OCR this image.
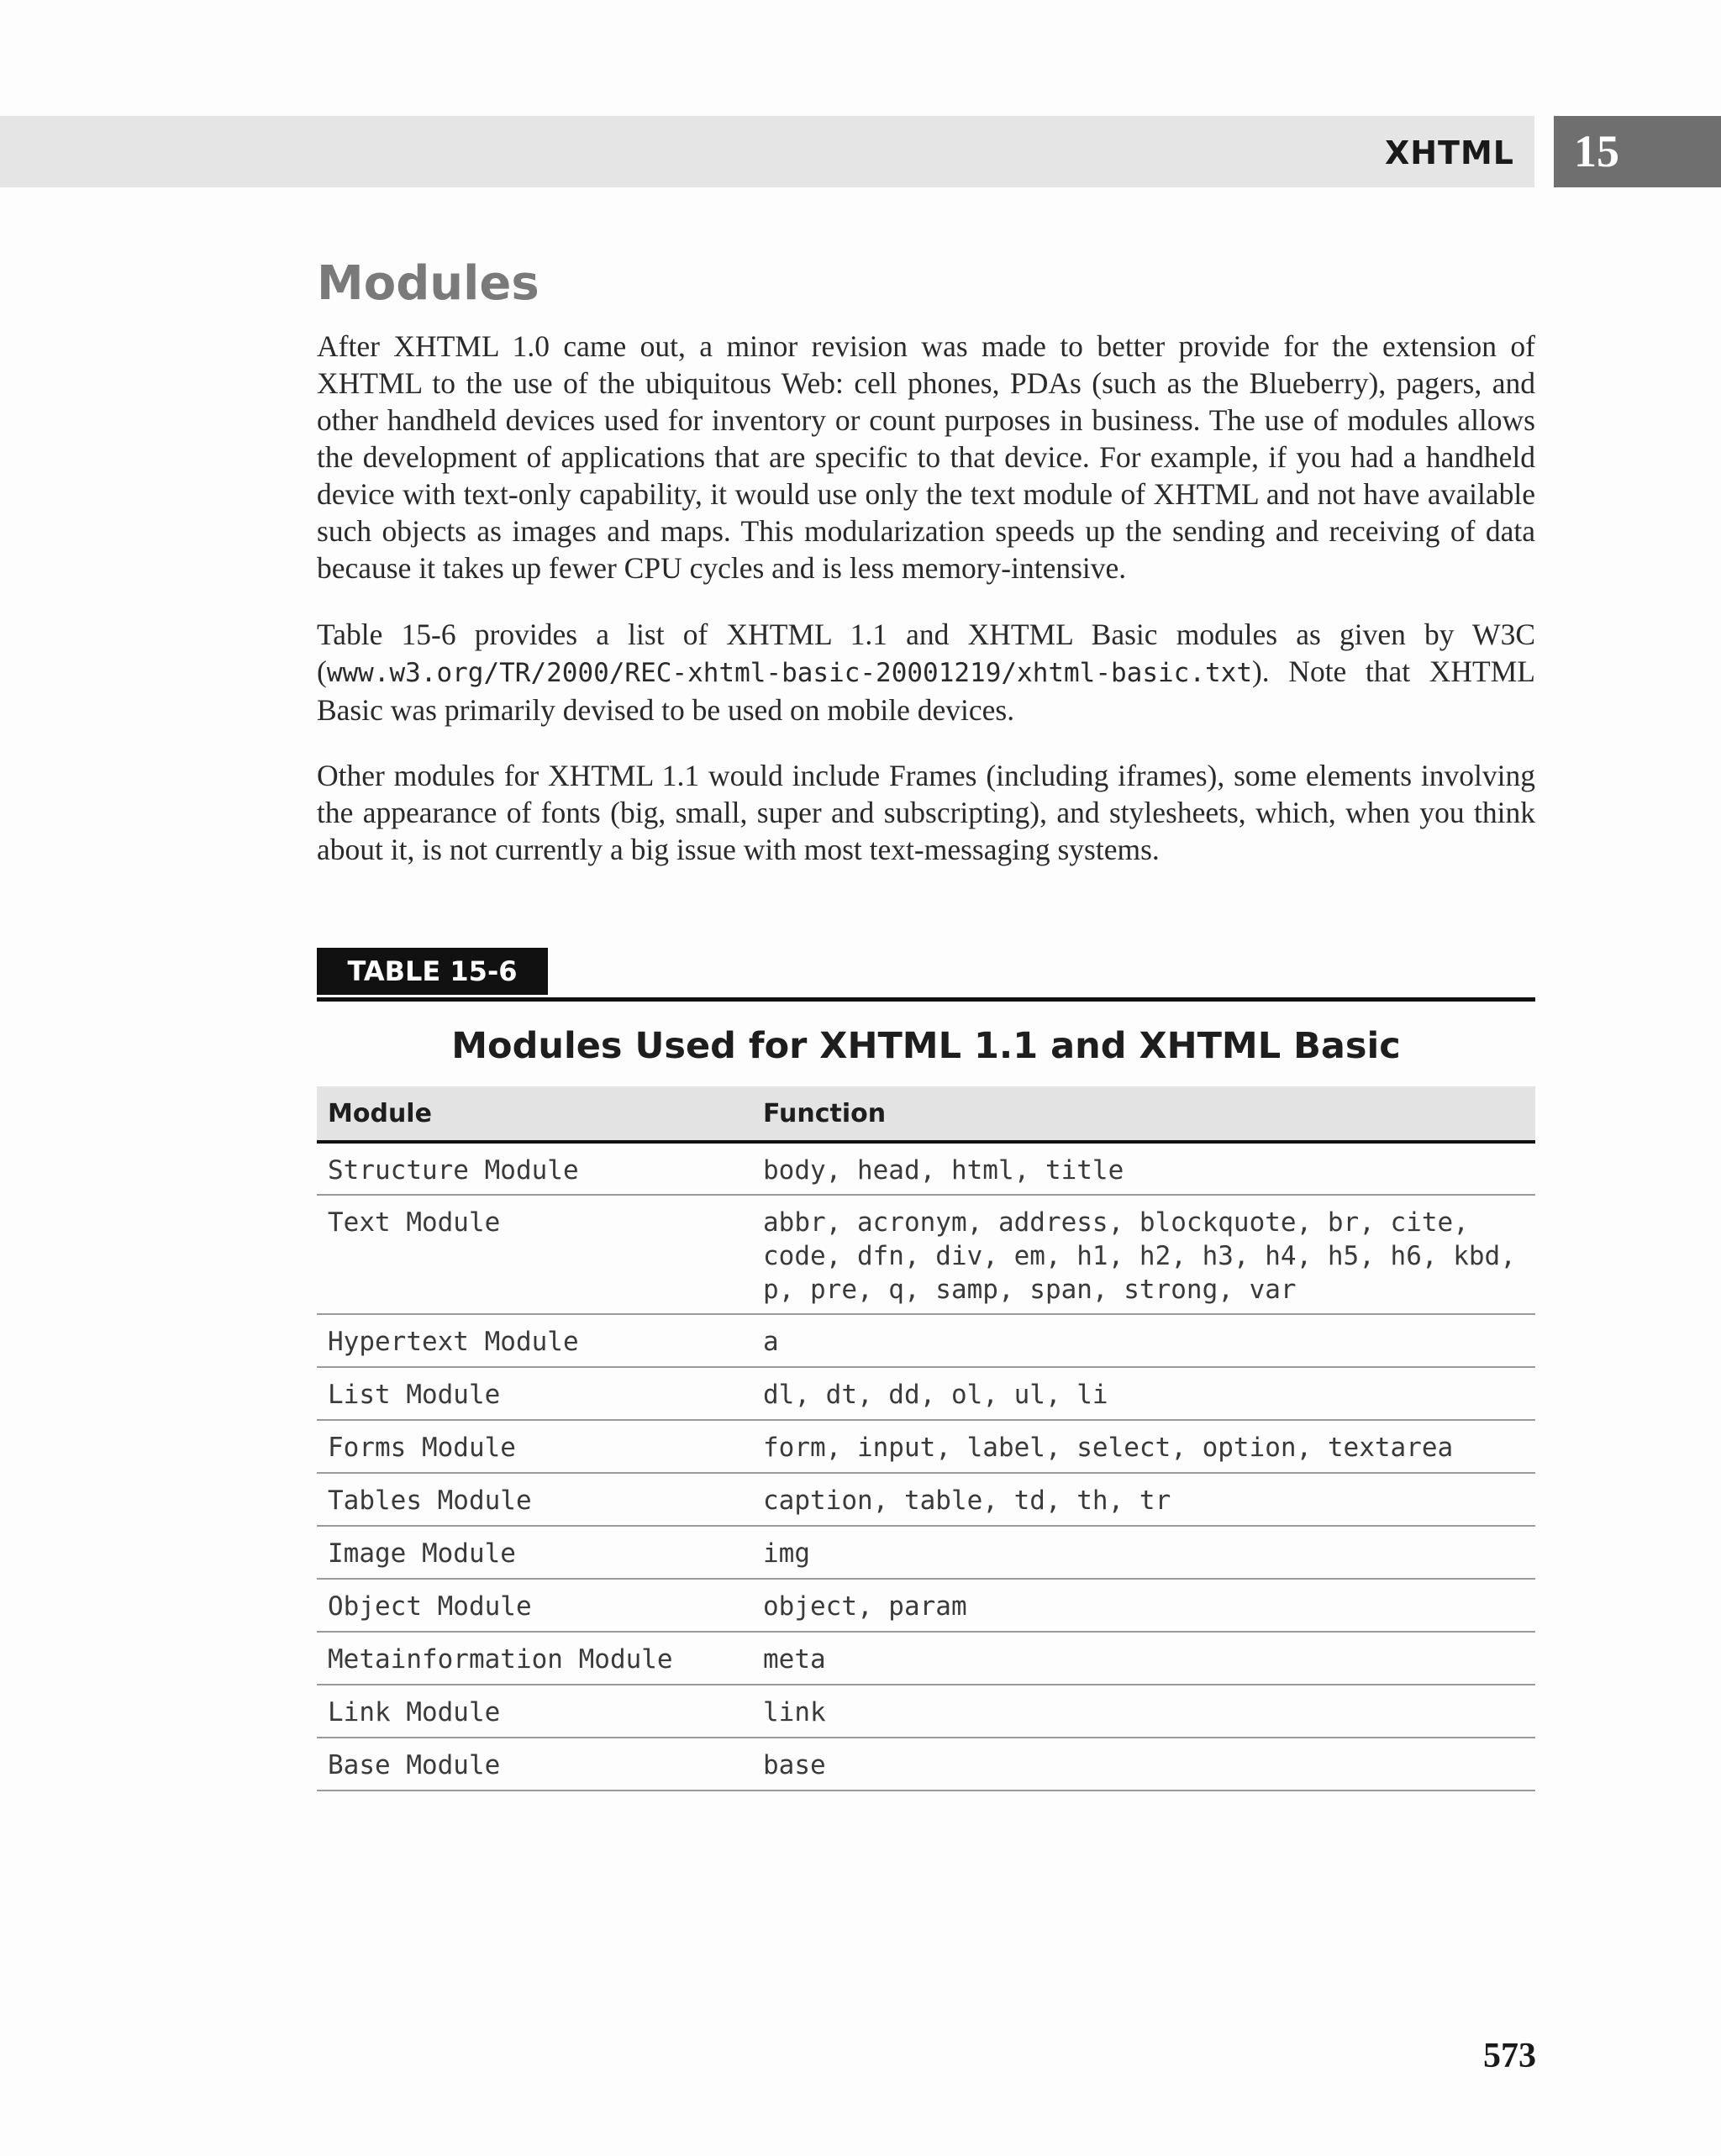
XHTML	15
Modules

After XHTML 1.0 came out, a minor revision was made to better provide for the extension of XHTML to the use of the ubiquitous Web: cell phones, PDAs (such as the Blueberry), pagers, and other handheld devices used for inventory or count purposes in business. The use of modules allows the development of applications that are specific to that device. For example, if you had a handheld device with text-only capability, it would use only the text module of XHTML and not have available such objects as images and maps. This modularization speeds up the sending and receiving of data because it takes up fewer CPU cycles and is less memory-intensive.

Table 15-6 provides a list of XHTML 1.1 and XHTML Basic modules as given by W3C (www.w3.org/TR/2000/REC-xhtml-basic-20001219/xhtml-basic.txt). Note that XHTML Basic was primarily devised to be used on mobile devices.

Other modules for XHTML 1.1 would include Frames (including iframes), some elements involving the appearance of fonts (big, small, super and subscripting), and stylesheets, which, when you think about it, is not currently a big issue with most text-messaging systems.

TABLE 15-6
Modules Used for XHTML 1.1 and XHTML Basic
Module	Function
Structure Module	body, head, html, title
Text Module	abbr, acronym, address, blockquote, br, cite, code, dfn, div, em, h1, h2, h3, h4, h5, h6, kbd, p, pre, q, samp, span, strong, var
Hypertext Module	a
List Module	dl, dt, dd, ol, ul, li
Forms Module	form, input, label, select, option, textarea
Tables Module	caption, table, td, th, tr
Image Module	img
Object Module	object, param
Metainformation Module	meta
Link Module	link
Base Module	base
573
